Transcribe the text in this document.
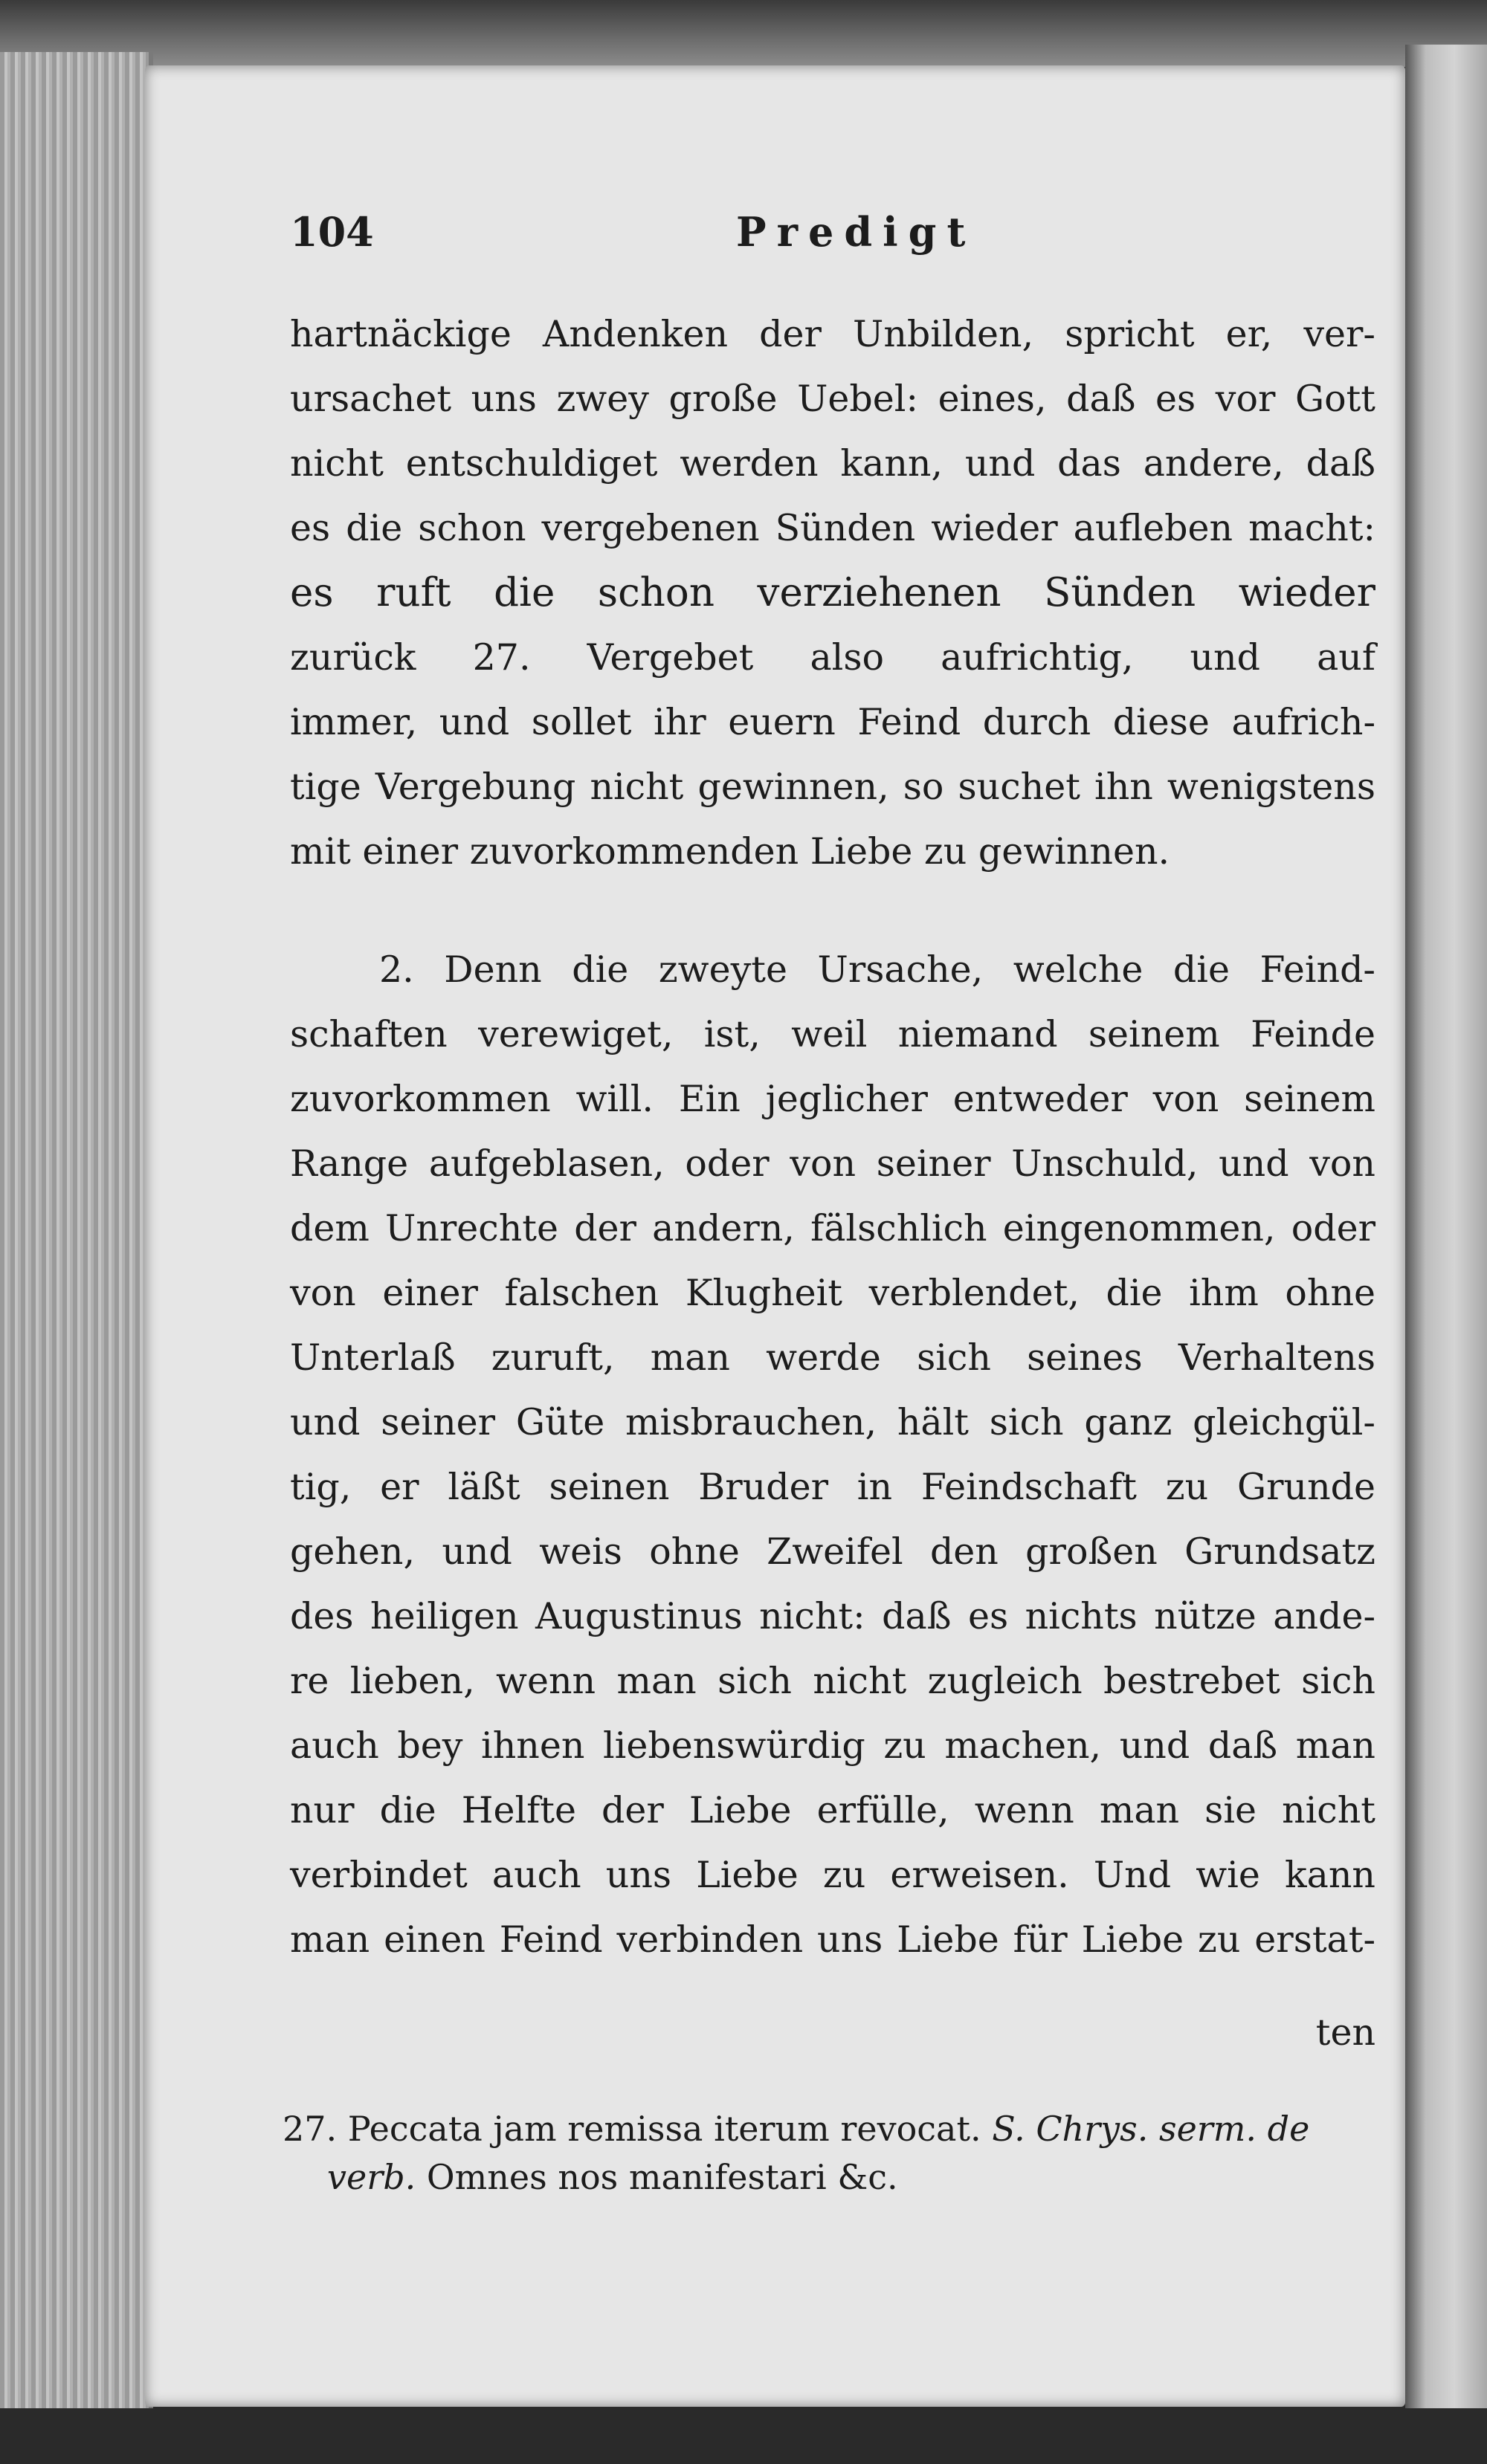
104	Predigt
hartnäckige Andenken der Unbilden, spricht er, ver-
ursachet uns zwey große Uebel: eines, daß es vor Gott
nicht entschuldiget werden kann, und das andere, daß
es die schon vergebenen Sünden wieder aufleben macht:
es ruft die schon verziehenen Sünden wieder
zurück 27. Vergebet also aufrichtig, und auf
immer, und sollet ihr euern Feind durch diese aufrich-
tige Vergebung nicht gewinnen, so suchet ihn wenigstens
mit einer zuvorkommenden Liebe zu gewinnen.
2. Denn die zweyte Ursache, welche die Feind-
schaften verewiget, ist, weil niemand seinem Feinde
zuvorkommen will. Ein jeglicher entweder von seinem
Range aufgeblasen, oder von seiner Unschuld, und von
dem Unrechte der andern, fälschlich eingenommen, oder
von einer falschen Klugheit verblendet, die ihm ohne
Unterlaß zuruft, man werde sich seines Verhaltens
und seiner Güte misbrauchen, hält sich ganz gleichgül-
tig, er läßt seinen Bruder in Feindschaft zu Grunde
gehen, und weis ohne Zweifel den großen Grundsatz
des heiligen Augustinus nicht: daß es nichts nütze ande-
re lieben, wenn man sich nicht zugleich bestrebet sich
auch bey ihnen liebenswürdig zu machen, und daß man
nur die Helfte der Liebe erfülle, wenn man sie nicht
verbindet auch uns Liebe zu erweisen. Und wie kann
man einen Feind verbinden uns Liebe für Liebe zu erstat-
ten
27. Peccata jam remissa iterum revocat. S. Chrys. serm. de
verb. Omnes nos manifestari &c.
